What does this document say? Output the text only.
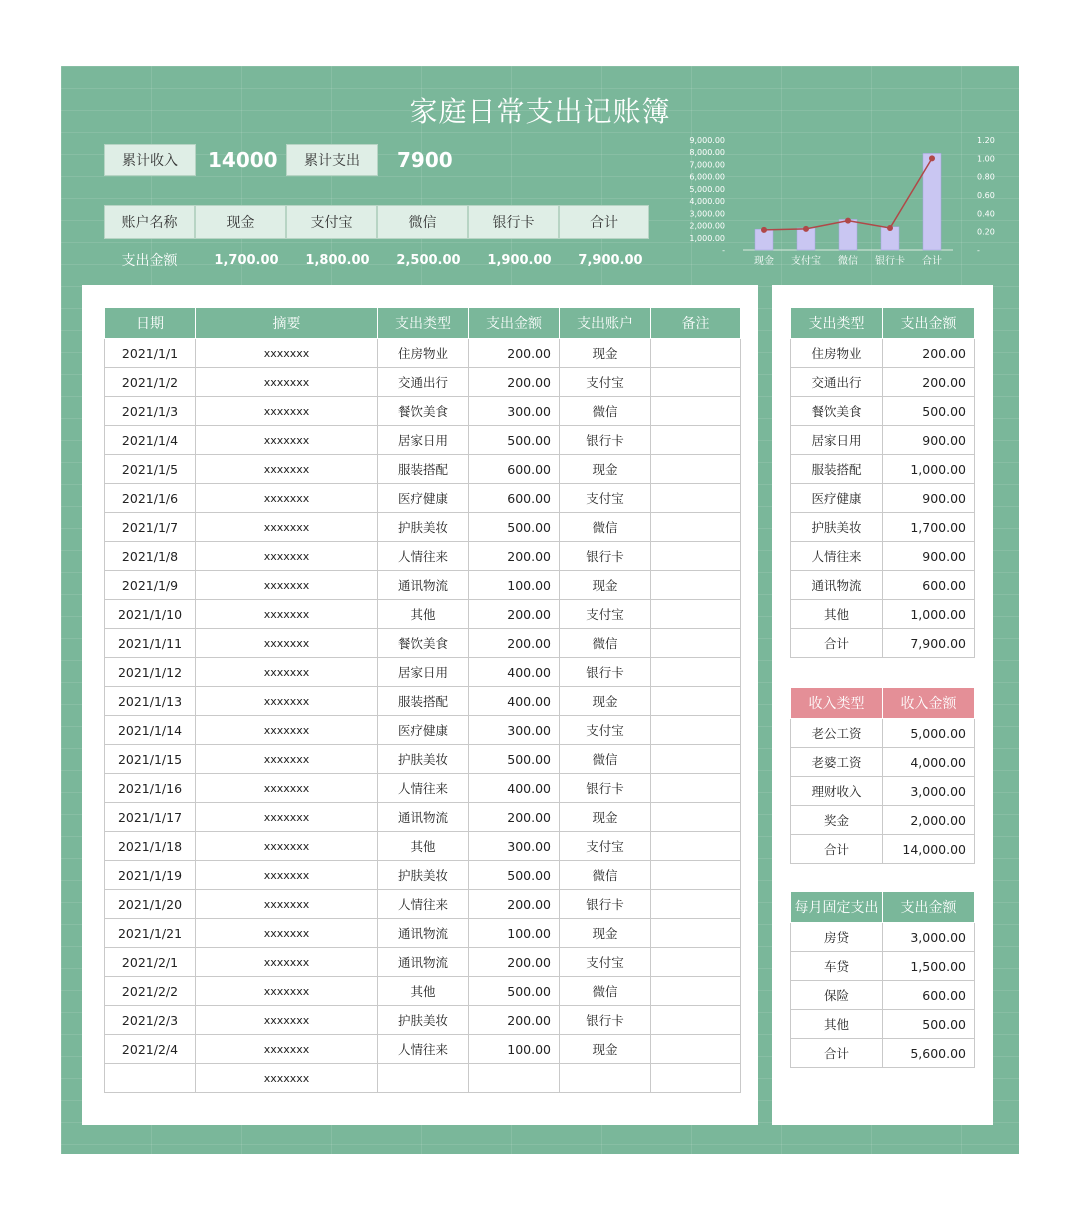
家庭日常支出记账簿
累计收入	14000	累计支出	7900
账户名称	现金	支付宝	微信	银行卡	合计
支出金额	1,700.00	1,800.00	2,500.00	1,900.00	7,900.00
9,000.00
8,000.00
7,000.00
6,000.00
5,000.00
4,000.00
3,000.00
2,000.00
1,000.00
-
1.20
1.00
0.80
0.60
0.40
0.20
-
现金 支付宝 微信 银行卡 合计
日期	摘要	支出类型	支出金额	支出账户	备注
2021/1/1	xxxxxxx	住房物业	200.00	现金	
2021/1/2	xxxxxxx	交通出行	200.00	支付宝	
2021/1/3	xxxxxxx	餐饮美食	300.00	微信	
2021/1/4	xxxxxxx	居家日用	500.00	银行卡	
2021/1/5	xxxxxxx	服装搭配	600.00	现金	
2021/1/6	xxxxxxx	医疗健康	600.00	支付宝	
2021/1/7	xxxxxxx	护肤美妆	500.00	微信	
2021/1/8	xxxxxxx	人情往来	200.00	银行卡	
2021/1/9	xxxxxxx	通讯物流	100.00	现金	
2021/1/10	xxxxxxx	其他	200.00	支付宝	
2021/1/11	xxxxxxx	餐饮美食	200.00	微信	
2021/1/12	xxxxxxx	居家日用	400.00	银行卡	
2021/1/13	xxxxxxx	服装搭配	400.00	现金	
2021/1/14	xxxxxxx	医疗健康	300.00	支付宝	
2021/1/15	xxxxxxx	护肤美妆	500.00	微信	
2021/1/16	xxxxxxx	人情往来	400.00	银行卡	
2021/1/17	xxxxxxx	通讯物流	200.00	现金	
2021/1/18	xxxxxxx	其他	300.00	支付宝	
2021/1/19	xxxxxxx	护肤美妆	500.00	微信	
2021/1/20	xxxxxxx	人情往来	200.00	银行卡	
2021/1/21	xxxxxxx	通讯物流	100.00	现金	
2021/2/1	xxxxxxx	通讯物流	200.00	支付宝	
2021/2/2	xxxxxxx	其他	500.00	微信	
2021/2/3	xxxxxxx	护肤美妆	200.00	银行卡	
2021/2/4	xxxxxxx	人情往来	100.00	现金	
	xxxxxxx				
支出类型	支出金额
住房物业	200.00
交通出行	200.00
餐饮美食	500.00
居家日用	900.00
服装搭配	1,000.00
医疗健康	900.00
护肤美妆	1,700.00
人情往来	900.00
通讯物流	600.00
其他	1,000.00
合计	7,900.00
收入类型	收入金额
老公工资	5,000.00
老婆工资	4,000.00
理财收入	3,000.00
奖金	2,000.00
合计	14,000.00
每月固定支出	支出金额
房贷	3,000.00
车贷	1,500.00
保险	600.00
其他	500.00
合计	5,600.00
